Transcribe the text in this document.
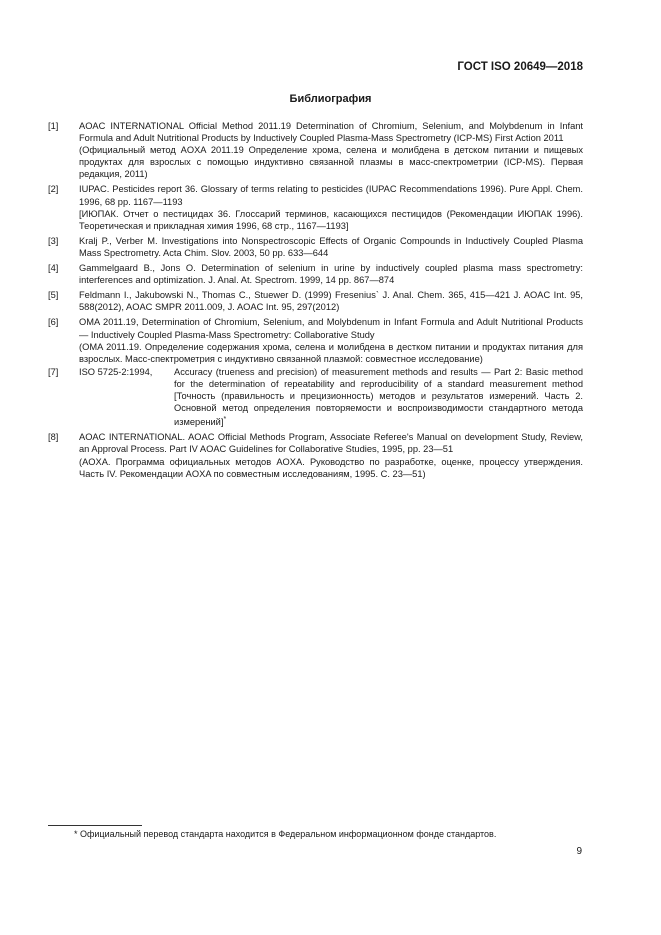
ГОСТ ISO 20649—2018
Библиография
[1]	AOAC INTERNATIONAL Official Method 2011.19 Determination of Chromium, Selenium, and Molybdenum in Infant Formula and Adult Nutritional Products by Inductively Coupled Plasma-Mass Spectrometry (ICP-MS) First Action 2011

(Официальный метод AOXA 2011.19 Определение хрома, селена и молибдена в детском питании и пищевых продуктах для взрослых с помощью индуктивно связанной плазмы в масс-спектрометрии (ICP-MS). Первая редакция, 2011)

[2]	IUPAC. Pesticides report 36. Glossary of terms relating to pesticides (IUPAC Recommendations 1996). Pure Appl. Chem. 1996, 68 pp. 1167—1193

[ИЮПАК. Отчет о пестицидах 36. Глоссарий терминов, касающихся пестицидов (Рекомендации ИЮПАК 1996). Теоретическая и прикладная химия 1996, 68 стр., 1167—1193]

[3]	Kralj P., Verber M. Investigations into Nonspectroscopic Effects of Organic Compounds in Inductively Coupled Plasma Mass Spectrometry. Acta Chim. Slov. 2003, 50 pp. 633—644

[4]	Gammelgaard B., Jons O. Determination of selenium in urine by inductively coupled plasma mass spectrometry: interferences and optimization. J. Anal. At. Spectrom. 1999, 14 pp. 867—874

[5]	Feldmann I., Jakubowski N., Thomas C., Stuewer D. (1999) Fresenius` J. Anal. Chem. 365, 415—421 J. AOAC Int. 95, 588(2012), AOAC SMPR 2011.009, J. AOAC Int. 95, 297(2012)

[6]	OMA 2011.19, Determination of Chromium, Selenium, and Molybdenum in Infant Formula and Adult Nutritional Products — Inductively Coupled Plasma-Mass Spectrometry: Collaborative Study

(OMA 2011.19. Определение содержания хрома, селена и молибдена в дестком питании и продуктах питания для взрослых. Масс-спектрометрия с индуктивно связанной плазмой: совместное исследование)

[7]	ISO 5725-2:1994,	Accuracy (trueness and precision) of measurement methods and results — Part 2: Basic method for the determination of repeatability and reproducibility of a standard measurement method [Точность (правильность и прецизионность) методов и результатов измерений. Часть 2. Основной метод определения повторяемости и воспроизводимости стандартного метода измерений]*
[8]	AOAC INTERNATIONAL. AOAC Official Methods Program, Associate Referee's Manual on development Study, Review, an Approval Process. Part IV AOAC Guidelines for Collaborative Studies, 1995, pp. 23—51

(AOXA. Программа официальных методов AOXA. Руководство по разработке, оценке, процессу утверждения. Часть IV. Рекомендации AOXA по совместным исследованиям, 1995. С. 23—51)

* Официальный перевод стандарта находится в Федеральном информационном фонде стандартов.
9
